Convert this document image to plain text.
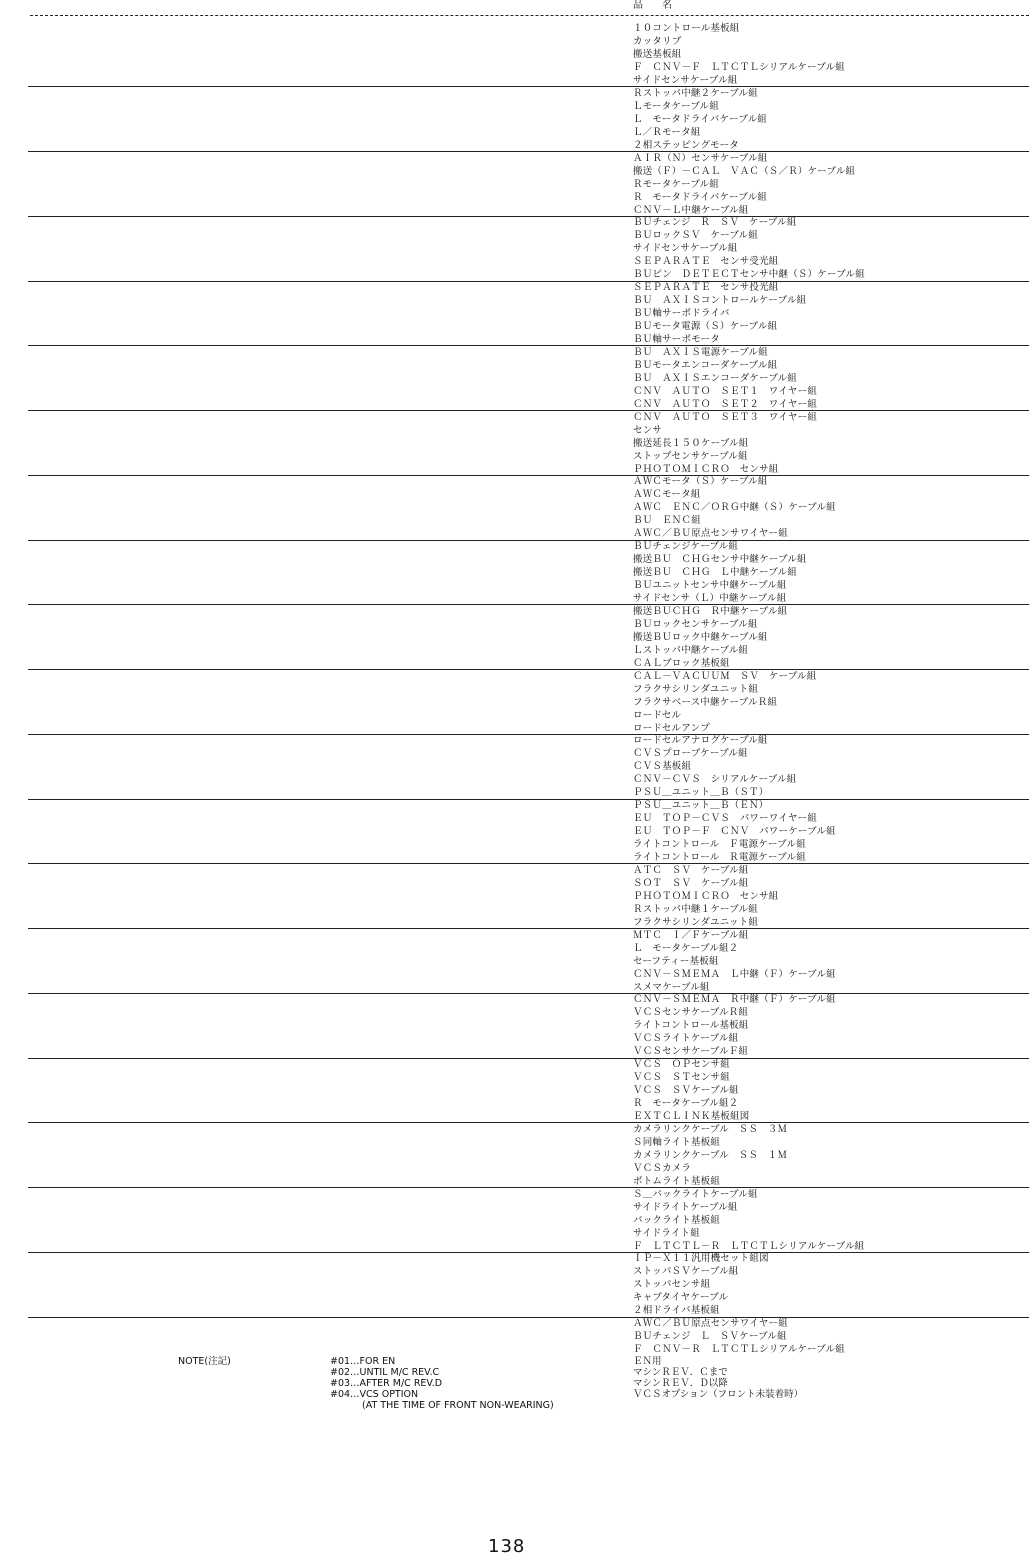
品 名
１０コントロール基板組
カッタリブ
搬送基板組
Ｆ　ＣＮＶ－Ｆ　ＬＴＣＴＬシリアルケーブル組
サイドセンサケーブル組
Ｒストッパ中継２ケーブル組
Ｌモータケーブル組
Ｌ　モータドライバケーブル組
Ｌ／Ｒモータ組
２相ステッピングモータ
ＡＩＲ（Ｎ）センサケーブル組
搬送（Ｆ）－ＣＡＬ　ＶＡＣ（Ｓ／Ｒ）ケーブル組
Ｒモータケーブル組
Ｒ　モータドライバケーブル組
ＣＮＶ－Ｌ中継ケーブル組
ＢＵチェンジ　Ｒ　ＳＶ　ケーブル組
ＢＵロックＳＶ　ケーブル組
サイドセンサケーブル組
ＳＥＰＡＲＡＴＥ　センサ受光組
ＢＵピン　ＤＥＴＥＣＴセンサ中継（Ｓ）ケーブル組
ＳＥＰＡＲＡＴＥ　センサ投光組
ＢＵ　ＡＸＩＳコントロールケーブル組
ＢＵ軸サーボドライバ
ＢＵモータ電源（Ｓ）ケーブル組
ＢＵ軸サーボモータ
ＢＵ　ＡＸＩＳ電源ケーブル組
ＢＵモータエンコーダケーブル組
ＢＵ　ＡＸＩＳエンコーダケーブル組
ＣＮＶ　ＡＵＴＯ　ＳＥＴ１　ワイヤー組
ＣＮＶ　ＡＵＴＯ　ＳＥＴ２　ワイヤー組
ＣＮＶ　ＡＵＴＯ　ＳＥＴ３　ワイヤー組
センサ
搬送延長１５０ケーブル組
ストップセンサケーブル組
ＰＨＯＴＯＭＩＣＲＯ　センサ組
ＡＷＣモータ（Ｓ）ケーブル組
ＡＷＣモータ組
ＡＷＣ　ＥＮＣ／ＯＲＧ中継（Ｓ）ケーブル組
ＢＵ　ＥＮＣ組
ＡＷＣ／ＢＵ原点センサワイヤー組
ＢＵチェンジケーブル組
搬送ＢＵ　ＣＨＧセンサ中継ケーブル組
搬送ＢＵ　ＣＨＧ　Ｌ中継ケーブル組
ＢＵユニットセンサ中継ケーブル組
サイドセンサ（Ｌ）中継ケーブル組
搬送ＢＵＣＨＧ　Ｒ中継ケーブル組
ＢＵロックセンサケーブル組
搬送ＢＵロック中継ケーブル組
Ｌストッパ中継ケーブル組
ＣＡＬブロック基板組
ＣＡＬ－ＶＡＣＵＵＭ　ＳＶ　ケーブル組
フラクサシリンダユニット組
フラクサベース中継ケーブルＲ組
ロードセル
ロードセルアンプ
ロードセルアナログケーブル組
ＣＶＳプローブケーブル組
ＣＶＳ基板組
ＣＮＶ－ＣＶＳ　シリアルケーブル組
ＰＳＵ＿ユニット＿Ｂ（ＳＴ）
ＰＳＵ＿ユニット＿Ｂ（ＥＮ）
ＥＵ　ＴＯＰ－ＣＶＳ　パワーワイヤー組
ＥＵ　ＴＯＰ－Ｆ　ＣＮＶ　パワーケーブル組
ライトコントロール　Ｆ電源ケーブル組
ライトコントロール　Ｒ電源ケーブル組
ＡＴＣ　ＳＶ　ケーブル組
ＳＯＴ　ＳＶ　ケーブル組
ＰＨＯＴＯＭＩＣＲＯ　センサ組
Ｒストッパ中継１ケーブル組
フラクサシリンダユニット組
ＭＴＣ　Ｉ／Ｆケーブル組
Ｌ　モータケーブル組２
セーフティー基板組
ＣＮＶ－ＳＭＥＭＡ　Ｌ中継（Ｆ）ケーブル組
スメマケーブル組
ＣＮＶ－ＳＭＥＭＡ　Ｒ中継（Ｆ）ケーブル組
ＶＣＳセンサケーブルＲ組
ライトコントロール基板組
ＶＣＳライトケーブル組
ＶＣＳセンサケーブルＦ組
ＶＣＳ　ＯＰセンサ組
ＶＣＳ　ＳＴセンサ組
ＶＣＳ　ＳＶケーブル組
Ｒ　モータケーブル組２
ＥＸＴＣＬＩＮＫ基板組図
カメラリンクケーブル　ＳＳ　３Ｍ
Ｓ同軸ライト基板組
カメラリンクケーブル　ＳＳ　１Ｍ
ＶＣＳカメラ
ボトムライト基板組
Ｓ＿バックライトケーブル組
サイドライトケーブル組
バックライト基板組
サイドライト組
Ｆ　ＬＴＣＴＬ－Ｒ　ＬＴＣＴＬシリアルケーブル組
ＩＰ－Ｘ１１汎用機セット組図
ストッパＳＶケーブル組
ストッパセンサ組
キャブタイヤケーブル
２相ドライバ基板組
ＡＷＣ／ＢＵ原点センサワイヤー組
ＢＵチェンジ　Ｌ　ＳＶケーブル組
Ｆ　ＣＮＶ－Ｒ　ＬＴＣＴＬシリアルケーブル組
NOTE(注記)	#01…FOR EN
#02…UNTIL M/C REV.C
#03…AFTER M/C REV.D
#04…VCS OPTION
(AT THE TIME OF FRONT NON-WEARING)
ＥＮ用
マシンＲＥＶ．Ｃまで
マシンＲＥＶ．Ｄ以降
ＶＣＳオプション（フロント未装着時）
138
